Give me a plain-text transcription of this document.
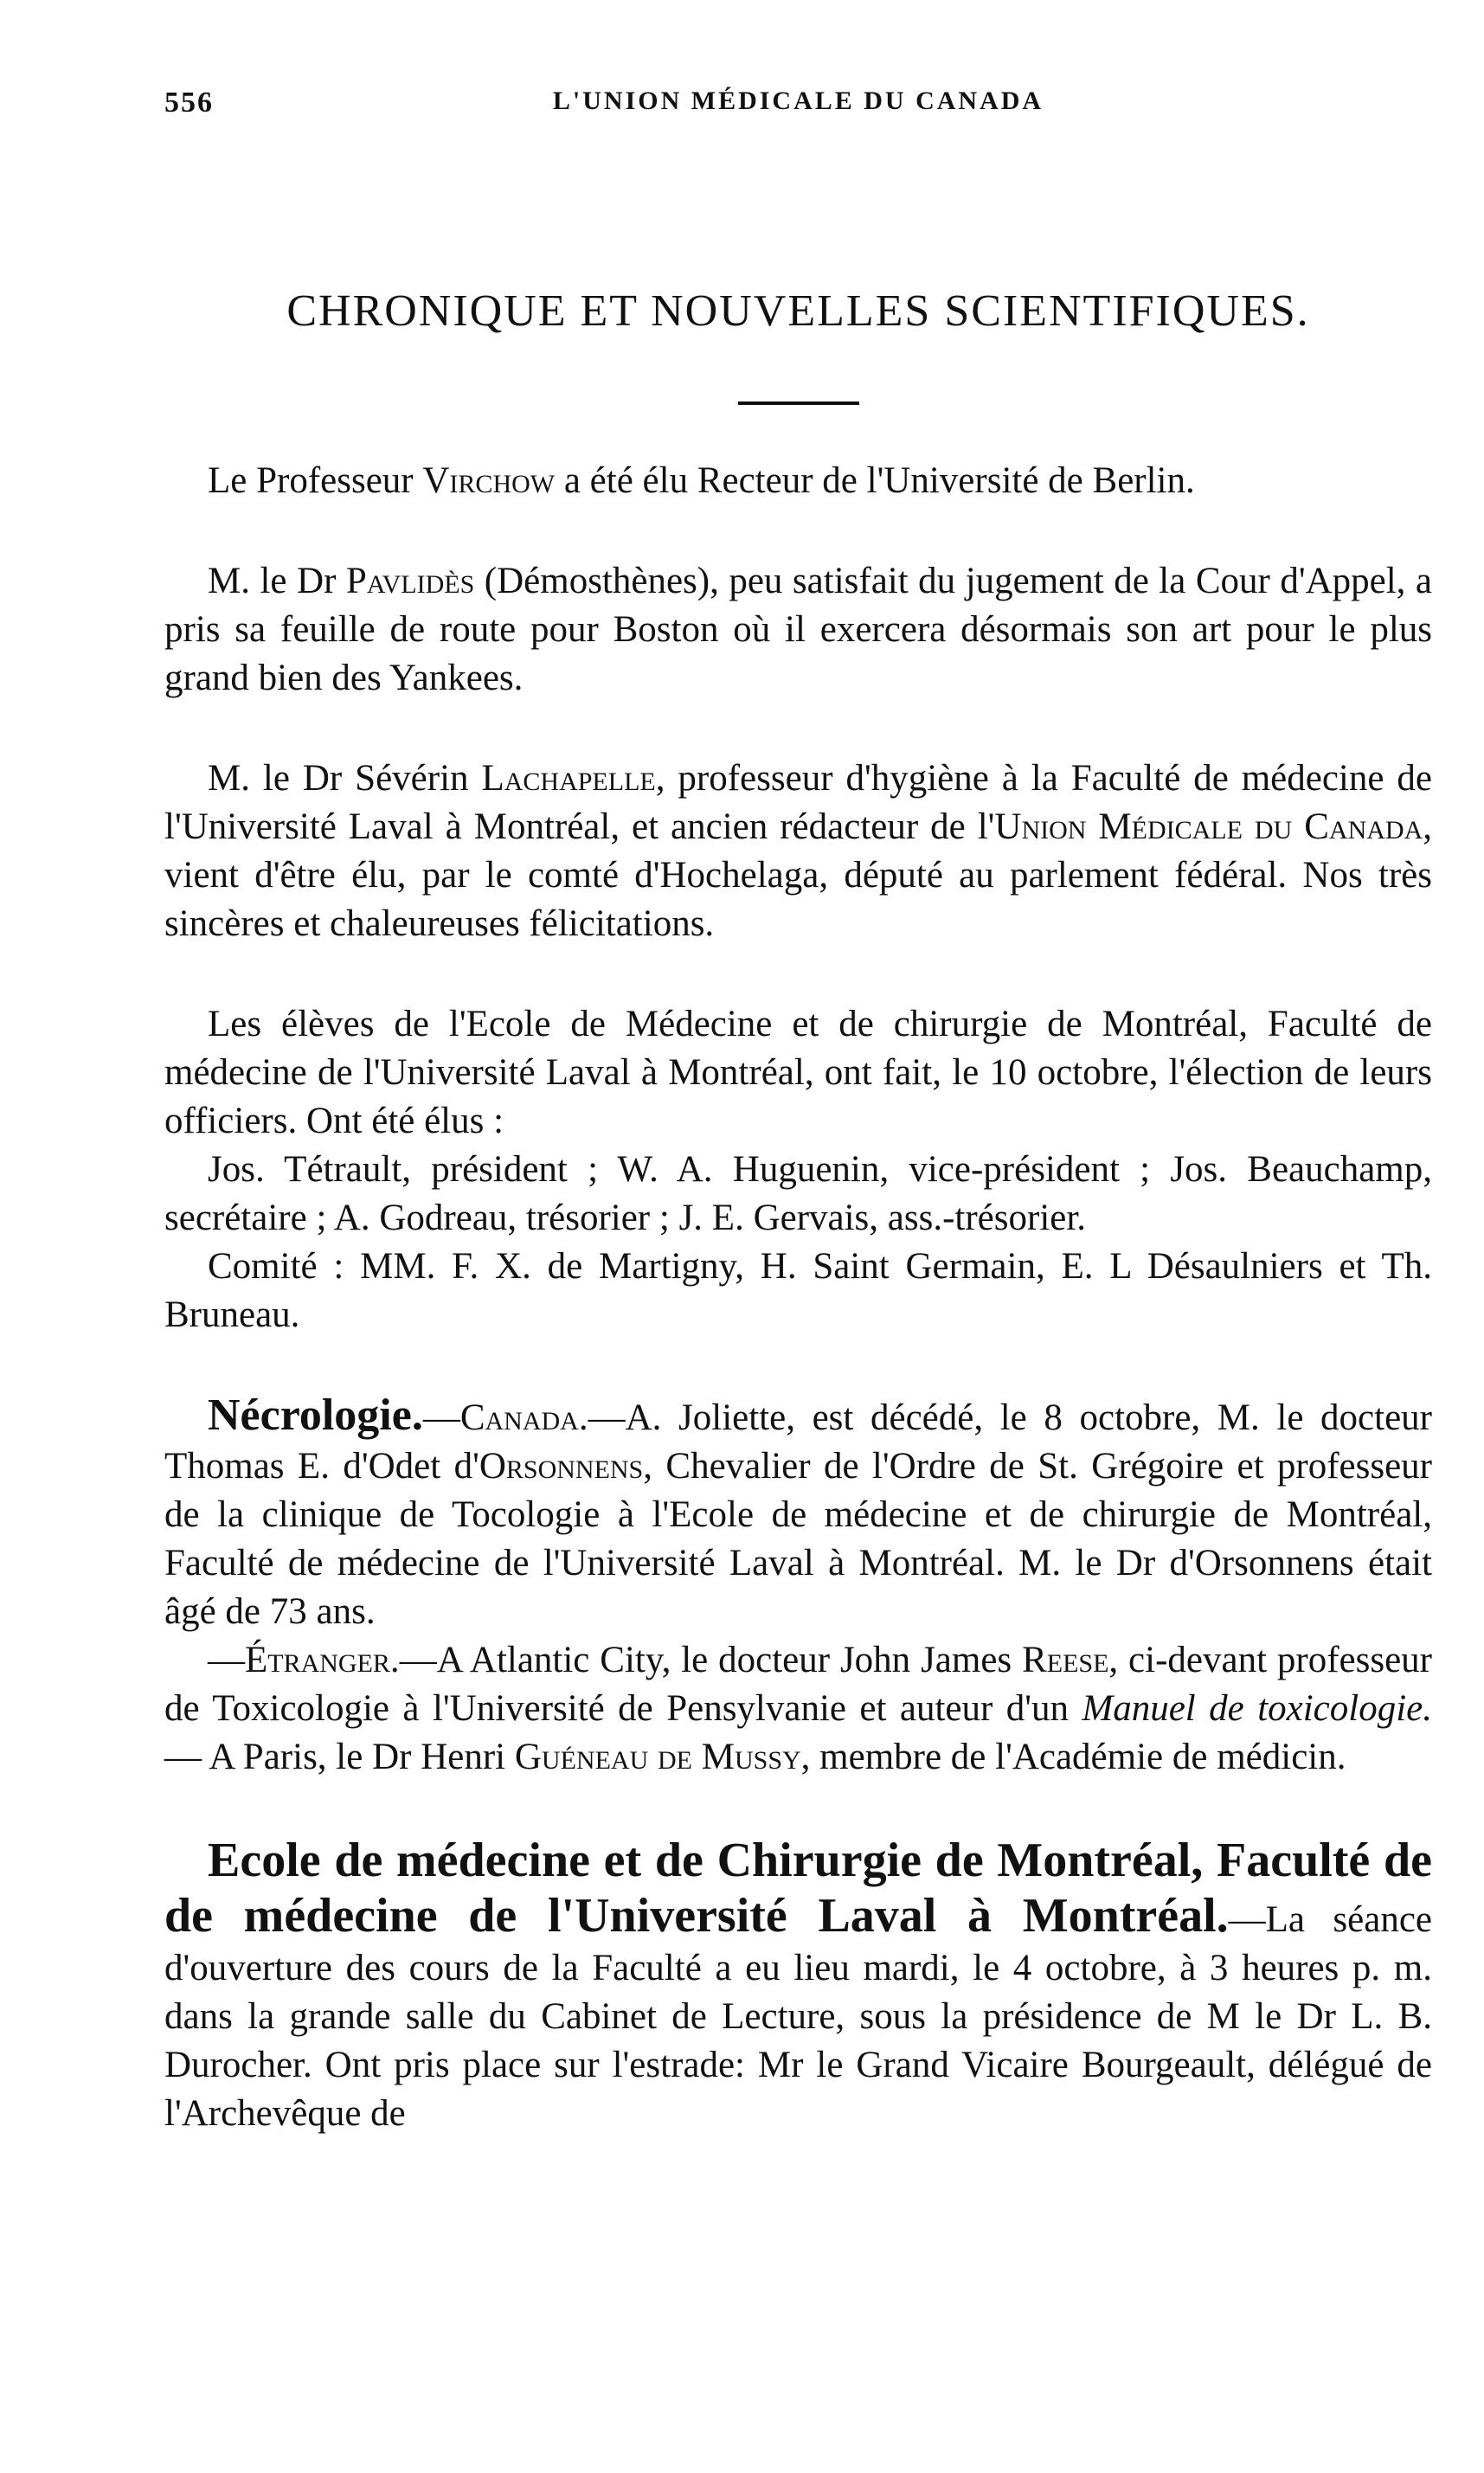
556	L'UNION MÉDICALE DU CANADA
CHRONIQUE ET NOUVELLES SCIENTIFIQUES.

Le Professeur Virchow a été élu Recteur de l'Université de Berlin.

M. le Dr Pavlidès (Démosthènes), peu satisfait du jugement de la Cour d'Appel, a pris sa feuille de route pour Boston où il exercera désormais son art pour le plus grand bien des Yankees.

M. le Dr Sévérin Lachapelle, professeur d'hygiène à la Faculté de médecine de l'Université Laval à Montréal, et ancien rédacteur de l'Union Médicale du Canada, vient d'être élu, par le comté d'Hochelaga, député au parlement fédéral. Nos très sincères et chaleureuses félicitations.

Les élèves de l'Ecole de Médecine et de chirurgie de Montréal, Faculté de médecine de l'Université Laval à Montréal, ont fait, le 10 octobre, l'élection de leurs officiers. Ont été élus :

Jos. Tétrault, président ; W. A. Huguenin, vice-président ; Jos. Beauchamp, secrétaire ; A. Godreau, trésorier ; J. E. Gervais, ass.-trésorier.

Comité : MM. F. X. de Martigny, H. Saint Germain, E. L Désaulniers et Th. Bruneau.

Nécrologie.—Canada.—A. Joliette, est décédé, le 8 octobre, M. le docteur Thomas E. d'Odet d'Orsonnens, Chevalier de l'Ordre de St. Grégoire et professeur de la clinique de Tocologie à l'Ecole de médecine et de chirurgie de Montréal, Faculté de médecine de l'Université Laval à Montréal. M. le Dr d'Orsonnens était âgé de 73 ans.

—Étranger.—A Atlantic City, le docteur John James Reese, ci-devant professeur de Toxicologie à l'Université de Pensylvanie et auteur d'un Manuel de toxicologie. — A Paris, le Dr Henri Guéneau de Mussy, membre de l'Académie de médicin.

Ecole de médecine et de Chirurgie de Montréal, Faculté de de médecine de l'Université Laval à Montréal.—La séance d'ouverture des cours de la Faculté a eu lieu mardi, le 4 octobre, à 3 heures p. m. dans la grande salle du Cabinet de Lecture, sous la présidence de M le Dr L. B. Durocher. Ont pris place sur l'estrade: Mr le Grand Vicaire Bourgeault, délégué de l'Archevêque de
